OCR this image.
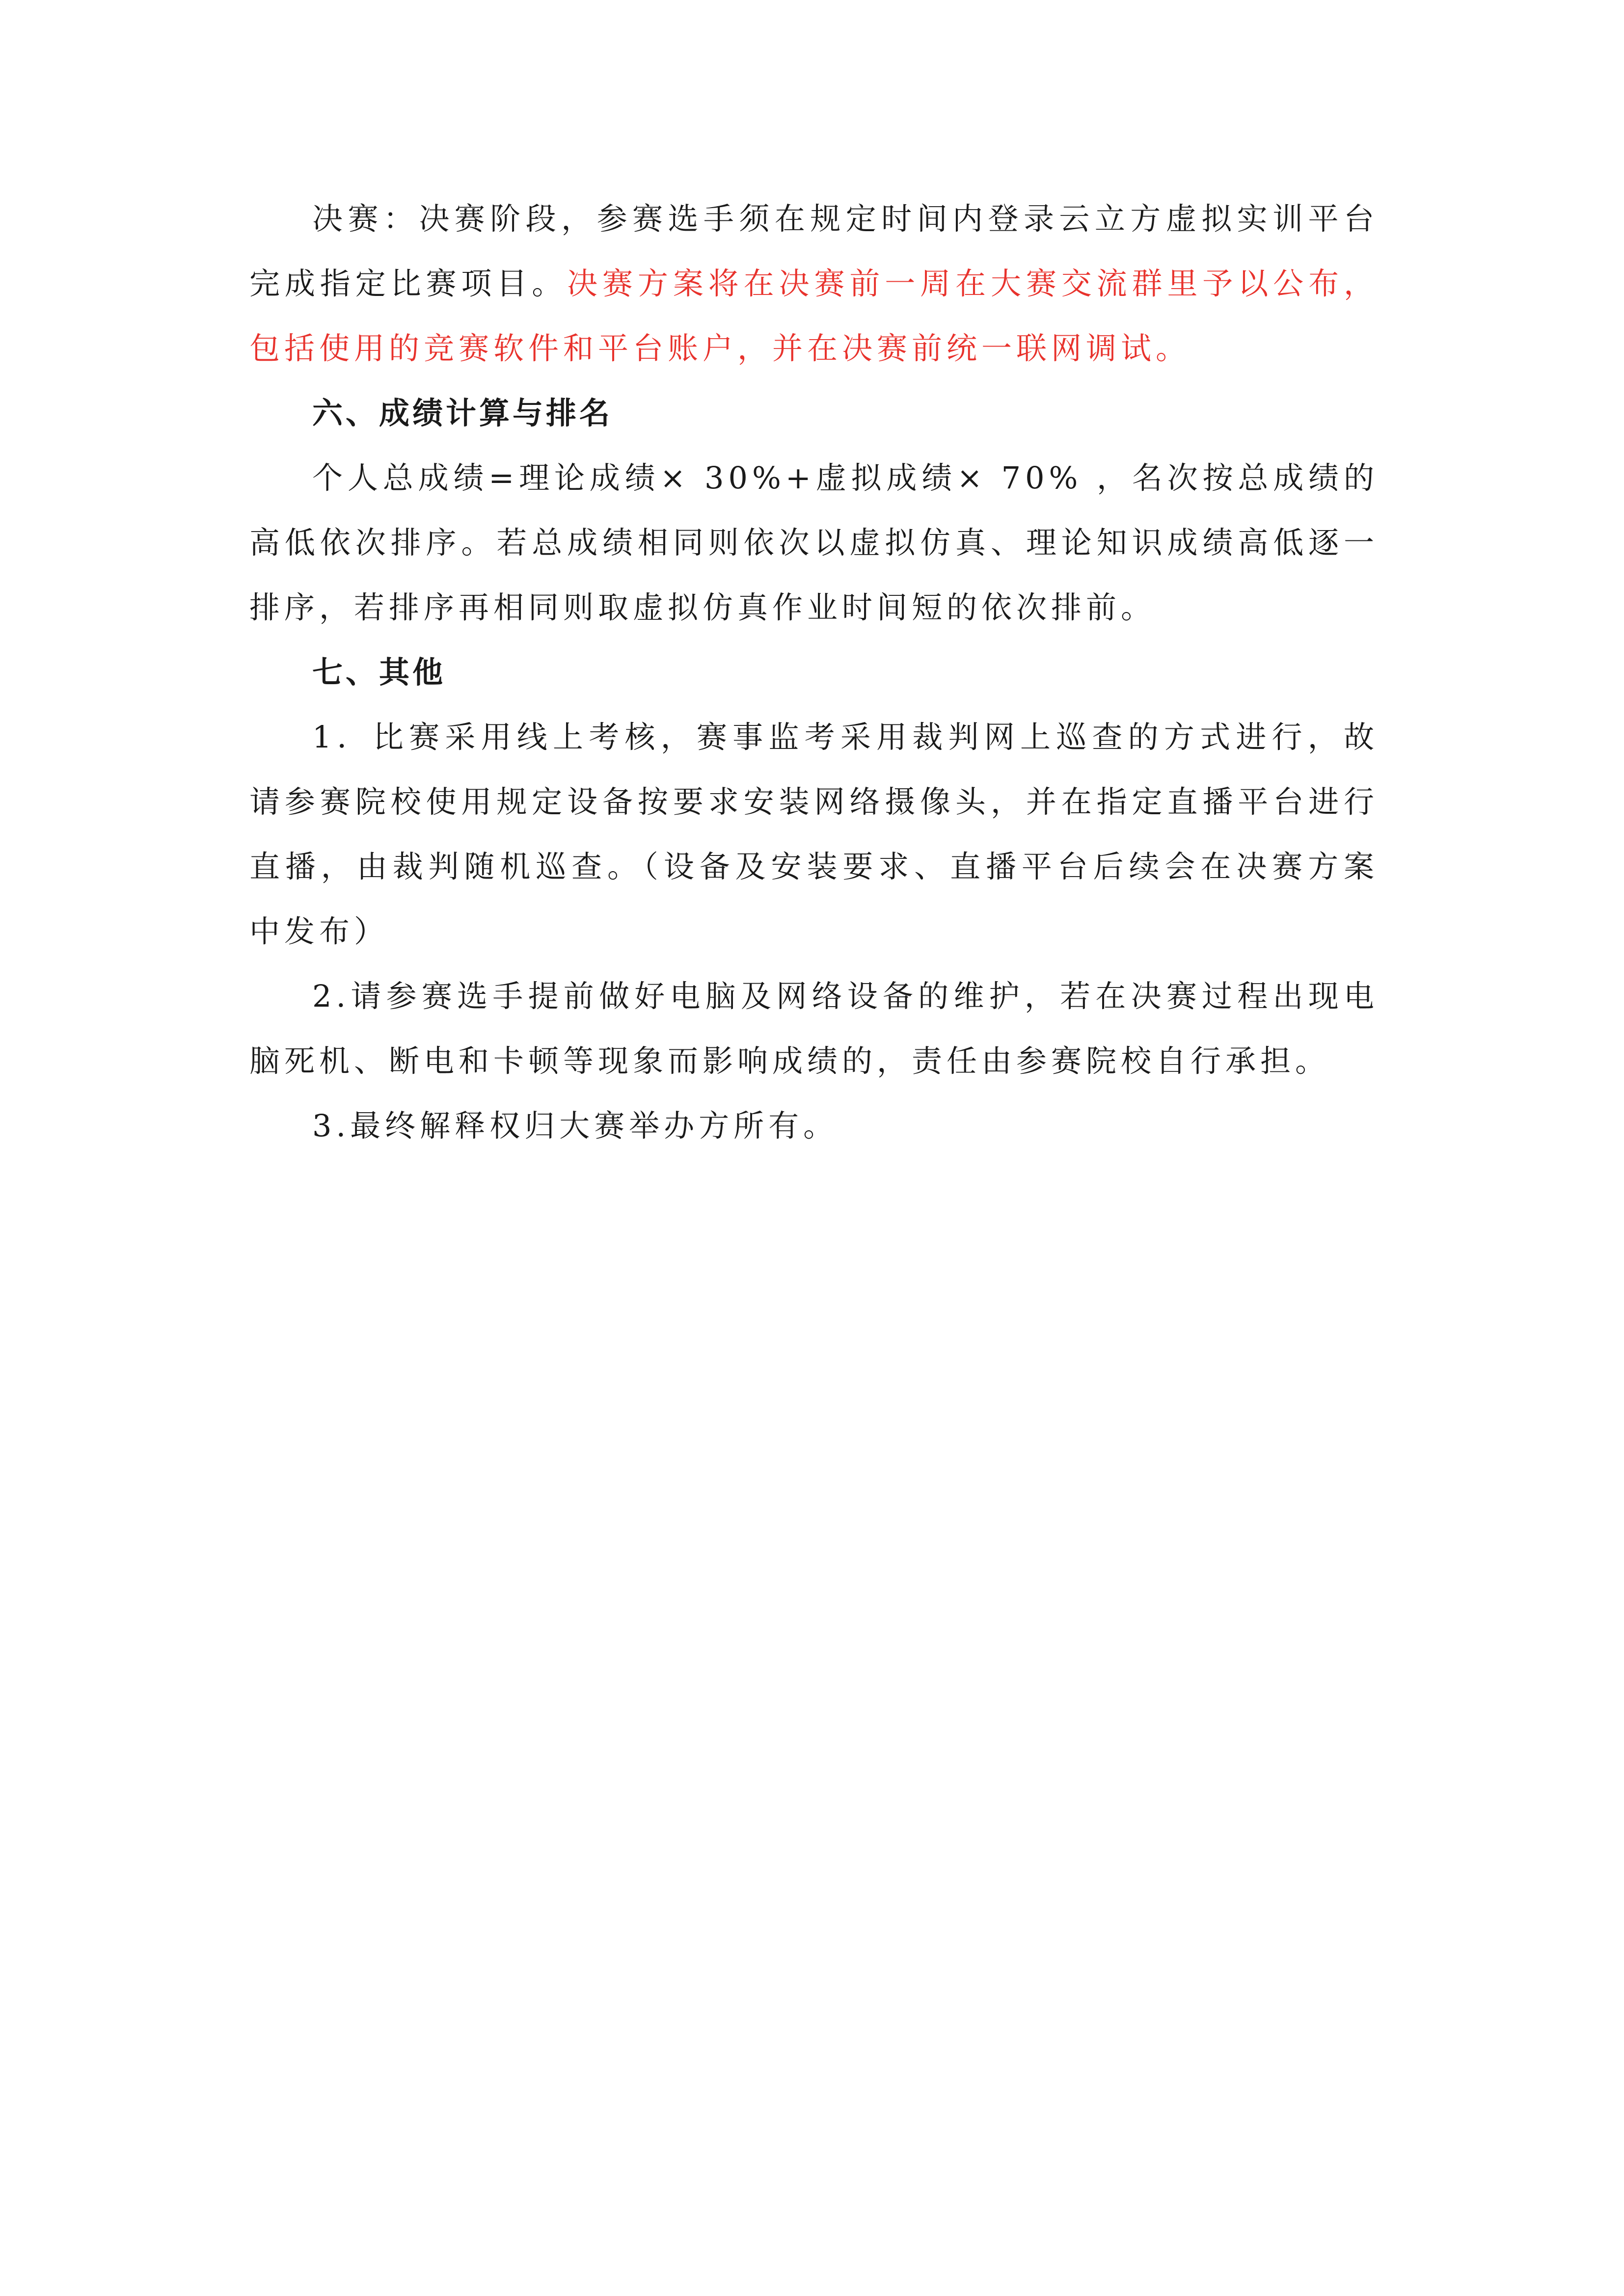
决赛：决赛阶段，参赛选手须在规定时间内登录云立方虚拟实训平台完成指定比赛项目。决赛方案将在决赛前一周在大赛交流群里予以公布，包括使用的竞赛软件和平台账户，并在决赛前统一联网调试。

六、成绩计算与排名

个人总成绩=理论成绩× 30%+虚拟成绩× 70% ，名次按总成绩的高低依次排序。若总成绩相同则依次以虚拟仿真、理论知识成绩高低逐一排序，若排序再相同则取虚拟仿真作业时间短的依次排前。

七、其他

1．比赛采用线上考核，赛事监考采用裁判网上巡查的方式进行，故请参赛院校使用规定设备按要求安装网络摄像头，并在指定直播平台进行直播，由裁判随机巡查。（设备及安装要求、直播平台后续会在决赛方案中发布）

2.请参赛选手提前做好电脑及网络设备的维护，若在决赛过程出现电脑死机、断电和卡顿等现象而影响成绩的，责任由参赛院校自行承担。

3.最终解释权归大赛举办方所有。
